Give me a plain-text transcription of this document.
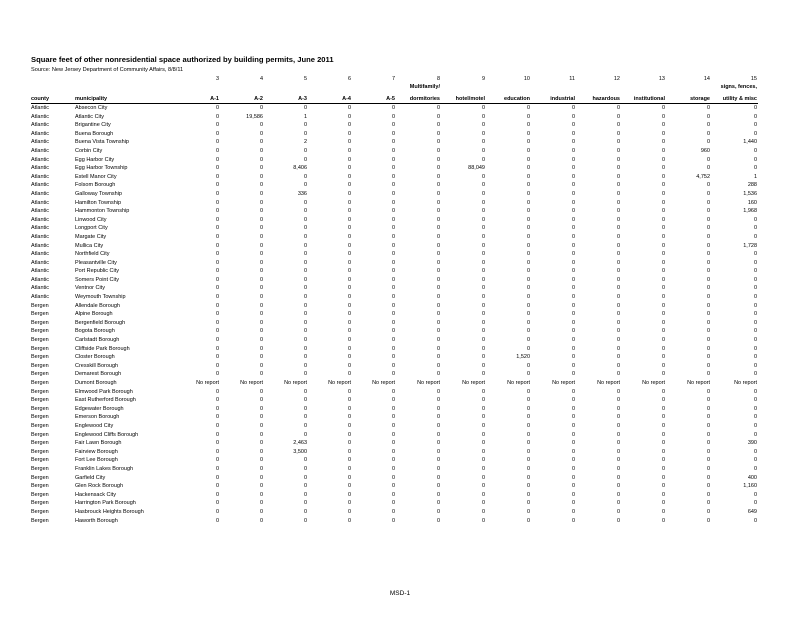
Square feet of other nonresidential space authorized by building permits, June 2011
Source: New Jersey Department of Community Affairs, 8/8/11
		3	4	5	6	7	8	9	10	11	12	13	14	15
							Multifamily/							signs, fences,
county	municipality	A-1	A-2	A-3	A-4	A-5	dormitories	hotel/motel	education	industrial	hazardous	institutional	storage	utility & misc
Atlantic	Absecon City	0	0	0	0	0	0	0	0	0	0	0	0	0
Atlantic	Atlantic City	0	19,586	1	0	0	0	0	0	0	0	0	0	0
Atlantic	Brigantine City	0	0	0	0	0	0	0	0	0	0	0	0	0
Atlantic	Buena Borough	0	0	0	0	0	0	0	0	0	0	0	0	0
Atlantic	Buena Vista Township	0	0	2	0	0	0	0	0	0	0	0	0	1,440
Atlantic	Corbin City	0	0	0	0	0	0	0	0	0	0	0	960	0
Atlantic	Egg Harbor City	0	0	0	0	0	0	0	0	0	0	0	0	0
Atlantic	Egg Harbor Township	0	0	8,406	0	0	0	88,049	0	0	0	0	0	0
Atlantic	Estell Manor City	0	0	0	0	0	0	0	0	0	0	0	4,752	1
Atlantic	Folsom Borough	0	0	0	0	0	0	0	0	0	0	0	0	288
Atlantic	Galloway Township	0	0	336	0	0	0	0	0	0	0	0	0	1,536
Atlantic	Hamilton Township	0	0	0	0	0	0	0	0	0	0	0	0	160
Atlantic	Hammonton Township	0	0	0	0	0	0	0	0	0	0	0	0	1,968
Atlantic	Linwood City	0	0	0	0	0	0	0	0	0	0	0	0	0
Atlantic	Longport City	0	0	0	0	0	0	0	0	0	0	0	0	0
Atlantic	Margate City	0	0	0	0	0	0	0	0	0	0	0	0	0
Atlantic	Mullica City	0	0	0	0	0	0	0	0	0	0	0	0	1,728
Atlantic	Northfield City	0	0	0	0	0	0	0	0	0	0	0	0	0
Atlantic	Pleasantville City	0	0	0	0	0	0	0	0	0	0	0	0	0
Atlantic	Port Republic City	0	0	0	0	0	0	0	0	0	0	0	0	0
Atlantic	Somers Point City	0	0	0	0	0	0	0	0	0	0	0	0	0
Atlantic	Ventnor City	0	0	0	0	0	0	0	0	0	0	0	0	0
Atlantic	Weymouth Township	0	0	0	0	0	0	0	0	0	0	0	0	0
Bergen	Allendale Borough	0	0	0	0	0	0	0	0	0	0	0	0	0
Bergen	Alpine Borough	0	0	0	0	0	0	0	0	0	0	0	0	0
Bergen	Bergenfield Borough	0	0	0	0	0	0	0	0	0	0	0	0	0
Bergen	Bogota Borough	0	0	0	0	0	0	0	0	0	0	0	0	0
Bergen	Carlstadt Borough	0	0	0	0	0	0	0	0	0	0	0	0	0
Bergen	Cliffside Park Borough	0	0	0	0	0	0	0	0	0	0	0	0	0
Bergen	Closter Borough	0	0	0	0	0	0	0	1,520	0	0	0	0	0
Bergen	Cresskill Borough	0	0	0	0	0	0	0	0	0	0	0	0	0
Bergen	Demarest Borough	0	0	0	0	0	0	0	0	0	0	0	0	0
Bergen	Dumont Borough	No report	No report	No report	No report	No report	No report	No report	No report	No report	No report	No report	No report	No report
Bergen	Elmwood Park Borough	0	0	0	0	0	0	0	0	0	0	0	0	0
Bergen	East Rutherford Borough	0	0	0	0	0	0	0	0	0	0	0	0	0
Bergen	Edgewater Borough	0	0	0	0	0	0	0	0	0	0	0	0	0
Bergen	Emerson Borough	0	0	0	0	0	0	0	0	0	0	0	0	0
Bergen	Englewood City	0	0	0	0	0	0	0	0	0	0	0	0	0
Bergen	Englewood Cliffs Borough	0	0	0	0	0	0	0	0	0	0	0	0	0
Bergen	Fair Lawn Borough	0	0	2,463	0	0	0	0	0	0	0	0	0	390
Bergen	Fairview Borough	0	0	3,500	0	0	0	0	0	0	0	0	0	0
Bergen	Fort Lee Borough	0	0	0	0	0	0	0	0	0	0	0	0	0
Bergen	Franklin Lakes Borough	0	0	0	0	0	0	0	0	0	0	0	0	0
Bergen	Garfield City	0	0	0	0	0	0	0	0	0	0	0	0	400
Bergen	Glen Rock Borough	0	0	0	0	0	0	0	0	0	0	0	0	1,160
Bergen	Hackensack City	0	0	0	0	0	0	0	0	0	0	0	0	0
Bergen	Harrington Park Borough	0	0	0	0	0	0	0	0	0	0	0	0	0
Bergen	Hasbrouck Heights Borough	0	0	0	0	0	0	0	0	0	0	0	0	649
Bergen	Haworth Borough	0	0	0	0	0	0	0	0	0	0	0	0	0
MSD-1
